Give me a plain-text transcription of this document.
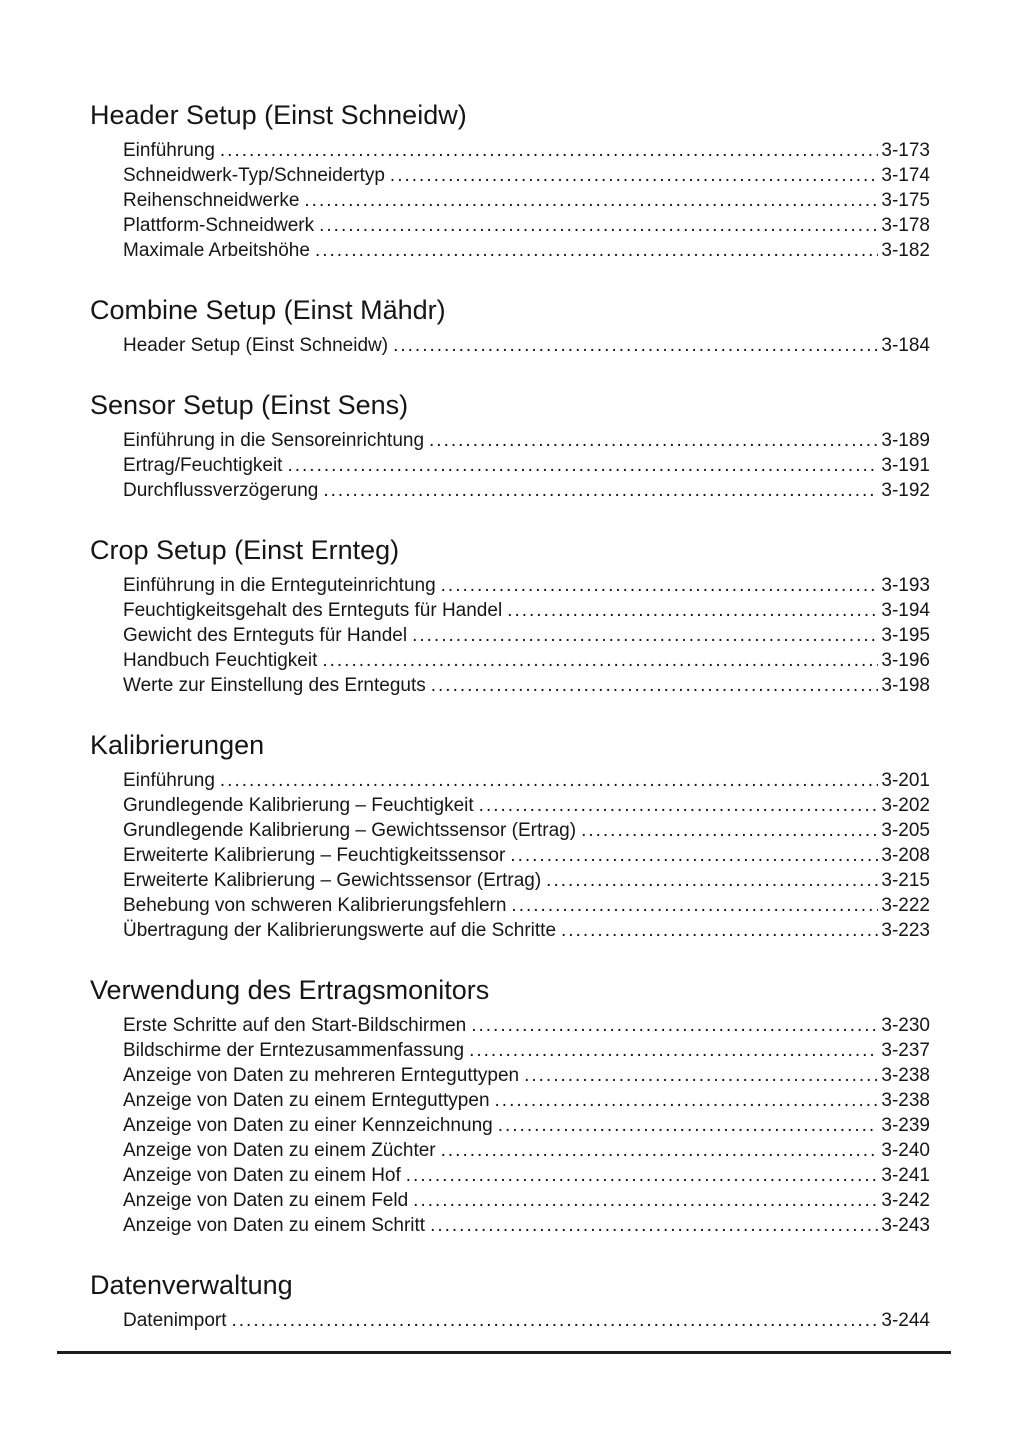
Header Setup (Einst Schneidw)
Einführung .....	3-173
Schneidwerk-Typ/Schneidertyp .....	3-174
Reihenschneidwerke .....	3-175
Plattform-Schneidwerk .....	3-178
Maximale Arbeitshöhe .....	3-182
Combine Setup (Einst Mähdr)
Header Setup (Einst Schneidw) .....	3-184
Sensor Setup (Einst Sens)
Einführung in die Sensoreinrichtung .....	3-189
Ertrag/Feuchtigkeit .....	3-191
Durchflussverzögerung .....	3-192
Crop Setup (Einst Ernteg)
Einführung in die Ernteguteinrichtung .....	3-193
Feuchtigkeitsgehalt des Ernteguts für Handel .....	3-194
Gewicht des Ernteguts für Handel .....	3-195
Handbuch Feuchtigkeit .....	3-196
Werte zur Einstellung des Ernteguts .....	3-198
Kalibrierungen
Einführung .....	3-201
Grundlegende Kalibrierung – Feuchtigkeit .....	3-202
Grundlegende Kalibrierung – Gewichtssensor (Ertrag) .....	3-205
Erweiterte Kalibrierung – Feuchtigkeitssensor .....	3-208
Erweiterte Kalibrierung – Gewichtssensor (Ertrag) .....	3-215
Behebung von schweren Kalibrierungsfehlern .....	3-222
Übertragung der Kalibrierungswerte auf die Schritte .....	3-223
Verwendung des Ertragsmonitors
Erste Schritte auf den Start-Bildschirmen .....	3-230
Bildschirme der Erntezusammenfassung .....	3-237
Anzeige von Daten zu mehreren Ernteguttypen .....	3-238
Anzeige von Daten zu einem Ernteguttypen .....	3-238
Anzeige von Daten zu einer Kennzeichnung .....	3-239
Anzeige von Daten zu einem Züchter .....	3-240
Anzeige von Daten zu einem Hof .....	3-241
Anzeige von Daten zu einem Feld .....	3-242
Anzeige von Daten zu einem Schritt .....	3-243
Datenverwaltung
Datenimport .....	3-244
